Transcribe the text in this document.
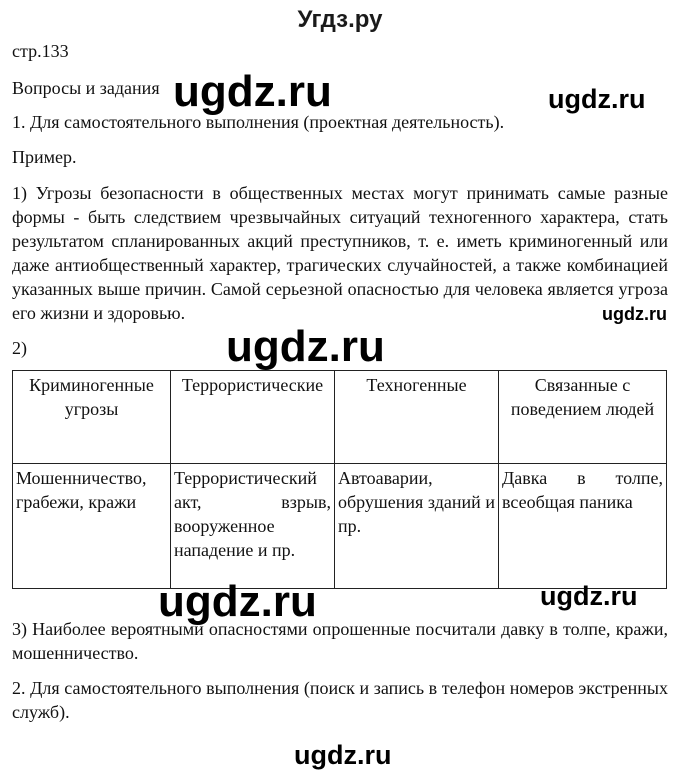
Угдз.ру
стр.133
Вопросы и задания
1. Для самостоятельного выполнения (проектная деятельность).
Пример.
1) Угрозы безопасности в общественных местах могут принимать самые разные формы - быть следствием чрезвычайных ситуаций техногенного характера, стать результатом спланированных акций преступников, т. е. иметь криминогенный или даже антиобщественный характер, трагических случайностей, а также комбинацией указанных выше причин. Самой серьезной опасностью для человека является угроза его жизни и здоровью.
2)
Криминогенные угрозы	Террористические	Техногенные	Связанные с поведением людей
Мошенничество, грабежи, кражи	Террористический акт, взрыв, вооруженное нападение и пр.	Автоаварии, обрушения зданий и пр.	Давка в толпе, всеобщая паника
3) Наиболее вероятными опасностями опрошенные посчитали давку в толпе, кражи, мошенничество.
2. Для самостоятельного выполнения (поиск и запись в телефон номеров экстренных служб).
ugdz.ru	ugdz.ru
ugdz.ru
ugdz.ru
ugdz.ru	ugdz.ru
ugdz.ru
